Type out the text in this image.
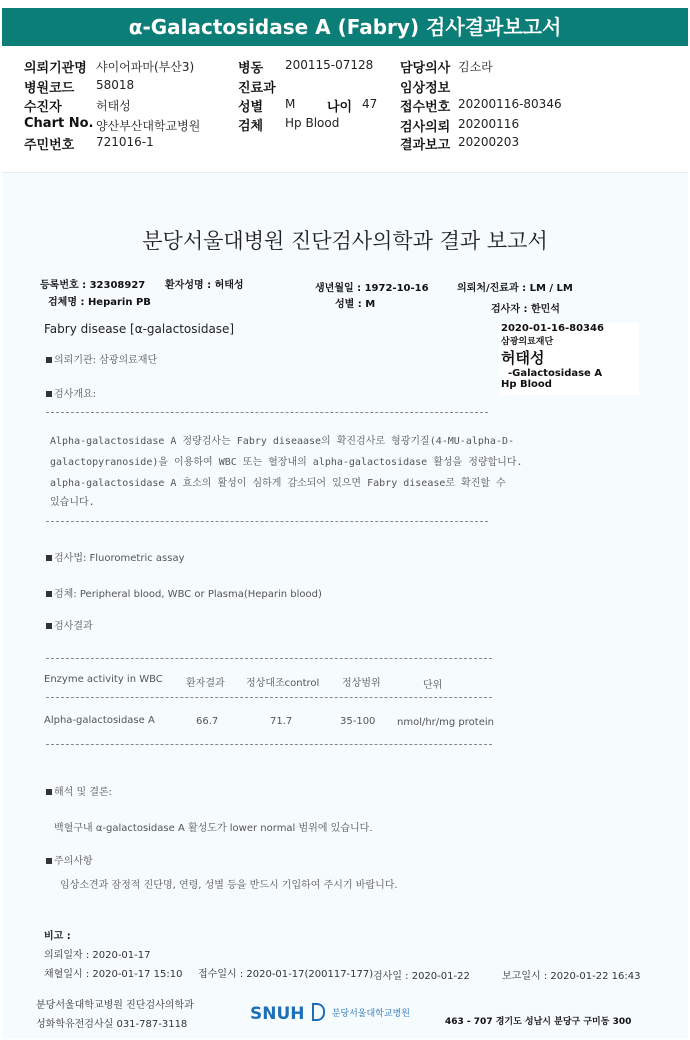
α-Galactosidase A (Fabry) 검사결과보고서
의뢰기관명 샤이어파마(부산3)
병원코드 58018
수진자	허태성
Chart No. 양산부산대학교병원
주민번호 721016-1
병동 200115-07128
진료과
성별 M 나이 47
검체 Hp Blood
담당의사 김소라
임상정보
접수번호 20200116-80346
검사의뢰 20200116
결과보고 20200203
분당서울대병원 진단검사의학과 결과 보고서
등록번호 : 32308927 환자성명 : 허태성	생년월일 : 1972-10-16	의뢰처/진료과 : LM / LM
검체명 : Heparin PB	성별 : M	검사자 : 한민석
Fabry disease [α-galactosidase]	2020-01-16-80346
삼광의료재단
허태성
-Galactosidase A
Hp Blood
의뢰기관: 삼광의료재단
검사개요:
Alpha-galactosidase A 정량검사는 Fabry diseaase의 확진검사로 형광기질(4-MU-alpha-D-
galactopyranoside)을 이용하여 WBC 또는 혈장내의 alpha-galactosidase 활성을 정량합니다.
alpha-galactosidase A 효소의 활성이 심하게 감소되어 있으면 Fabry disease로 확진할 수
있습니다.
검사법: Fluorometric assay
검체: Peripheral blood, WBC or Plasma(Heparin blood)
검사결과
Enzyme activity in WBC 환자결과 정상대조control 정상범위	단위
Alpha-galactosidase A	66.7	71.7	35-100 nmol/hr/mg protein
해석 및 결론:
백혈구내 α-galactosidase A 활성도가 lower normal 범위에 있습니다.
주의사항
임상소견과 잠정적 진단명, 연령, 성별 등을 반드시 기입하여 주시기 바랍니다.
비고 :
의뢰일자 : 2020-01-17
채혈일시 : 2020-01-17 15:10 접수일시 : 2020-01-17(200117-177) 검사일 : 2020-01-22	보고일시 : 2020-01-22 16:43
분당서울대학교병원 진단검사의학과
성화학유전검사실 031-787-3118
SNUH	분당서울대학교병원
463 - 707 경기도 성남시 분당구 구미동 300
